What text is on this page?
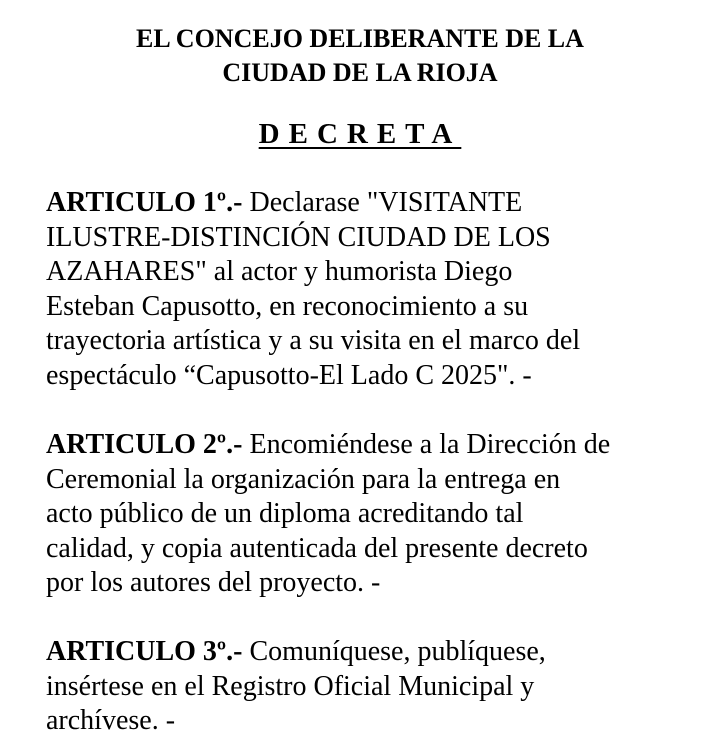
EL CONCEJO DELIBERANTE DE LA
CIUDAD DE LA RIOJA
DECRETA
ARTICULO 1º.- Declarase "VISITANTE
ILUSTRE-DISTINCIÓN CIUDAD DE LOS
AZAHARES" al actor y humorista Diego
Esteban Capusotto, en reconocimiento a su
trayectoria artística y a su visita en el marco del
espectáculo “Capusotto-El Lado C 2025". -
ARTICULO 2º.- Encomiéndese a la Dirección de
Ceremonial la organización para la entrega en
acto público de un diploma acreditando tal
calidad, y copia autenticada del presente decreto
por los autores del proyecto. -
ARTICULO 3º.- Comuníquese, publíquese,
insértese en el Registro Oficial Municipal y
archívese. -
